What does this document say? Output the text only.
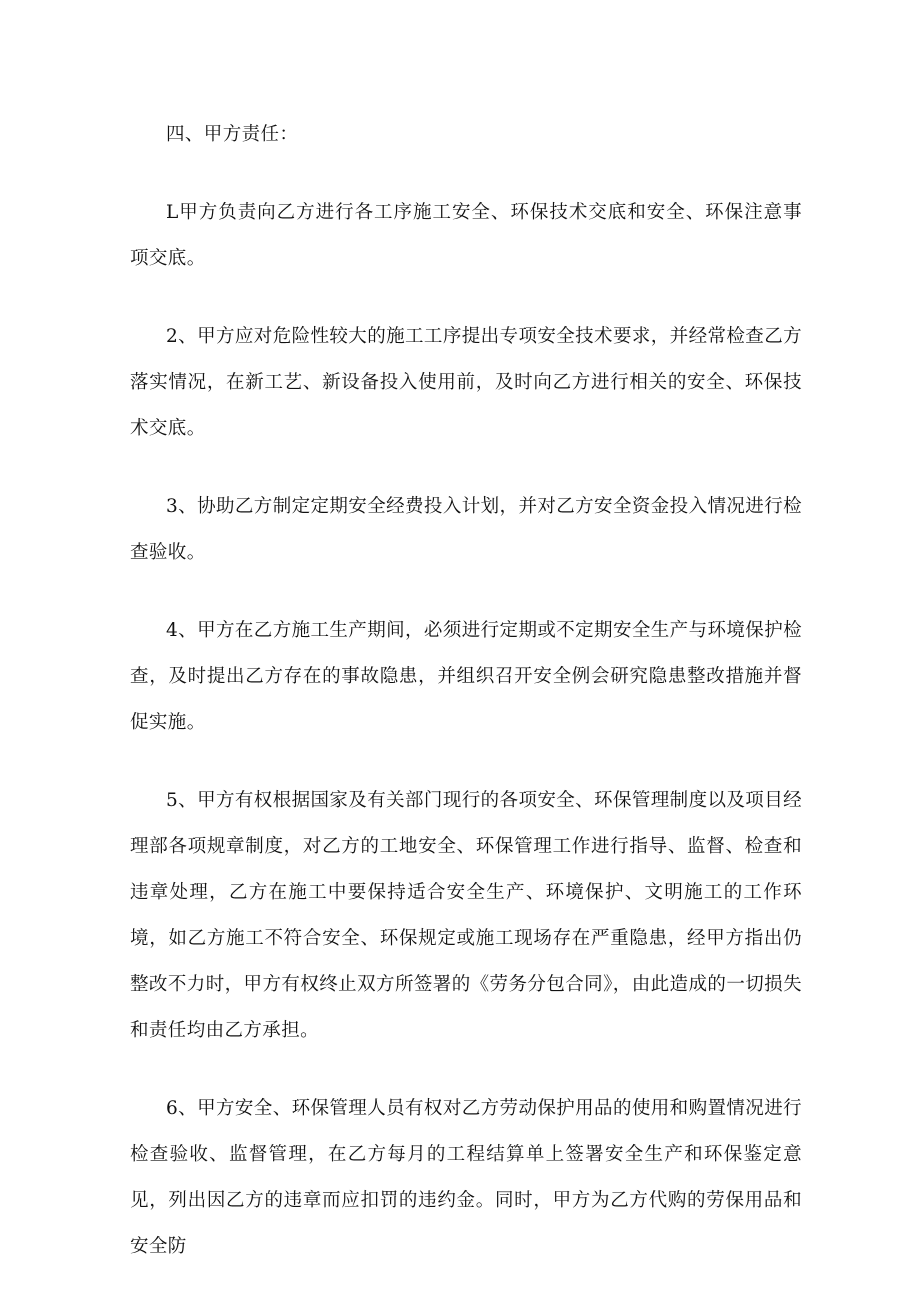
四、甲方责任：

L甲方负责向乙方进行各工序施工安全、环保技术交底和安全、环保注意事项交底。

2、甲方应对危险性较大的施工工序提出专项安全技术要求，并经常检查乙方落实情况，在新工艺、新设备投入使用前，及时向乙方进行相关的安全、环保技术交底。

3、协助乙方制定定期安全经费投入计划，并对乙方安全资金投入情况进行检查验收。

4、甲方在乙方施工生产期间，必须进行定期或不定期安全生产与环境保护检查，及时提出乙方存在的事故隐患，并组织召开安全例会研究隐患整改措施并督促实施。

5、甲方有权根据国家及有关部门现行的各项安全、环保管理制度以及项目经理部各项规章制度，对乙方的工地安全、环保管理工作进行指导、监督、检查和违章处理，乙方在施工中要保持适合安全生产、环境保护、文明施工的工作环境，如乙方施工不符合安全、环保规定或施工现场存在严重隐患，经甲方指出仍整改不力时，甲方有权终止双方所签署的《劳务分包合同》，由此造成的一切损失和责任均由乙方承担。

6、甲方安全、环保管理人员有权对乙方劳动保护用品的使用和购置情况进行检查验收、监督管理，在乙方每月的工程结算单上签署安全生产和环保鉴定意见，列出因乙方的违章而应扣罚的违约金。同时，甲方为乙方代购的劳保用品和安全防
